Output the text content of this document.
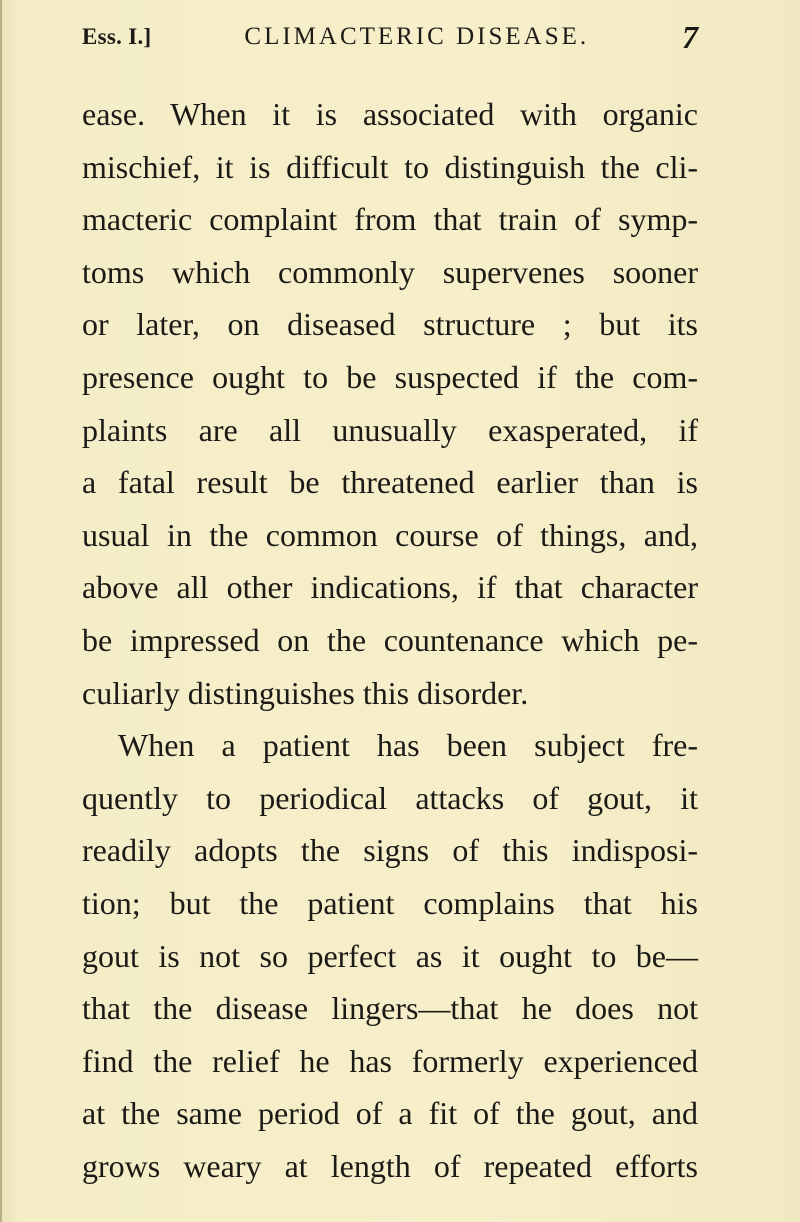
Ess. I.]	CLIMACTERIC DISEASE.	7
ease. When it is associated with organic
mischief, it is difficult to distinguish the cli-
macteric complaint from that train of symp-
toms which commonly supervenes sooner
or later, on diseased structure ; but its
presence ought to be suspected if the com-
plaints are all unusually exasperated, if
a fatal result be threatened earlier than is
usual in the common course of things, and,
above all other indications, if that character
be impressed on the countenance which pe-
culiarly distinguishes this disorder.
When a patient has been subject fre-
quently to periodical attacks of gout, it
readily adopts the signs of this indisposi-
tion; but the patient complains that his
gout is not so perfect as it ought to be—
that the disease lingers—that he does not
find the relief he has formerly experienced
at the same period of a fit of the gout, and
grows weary at length of repeated efforts
